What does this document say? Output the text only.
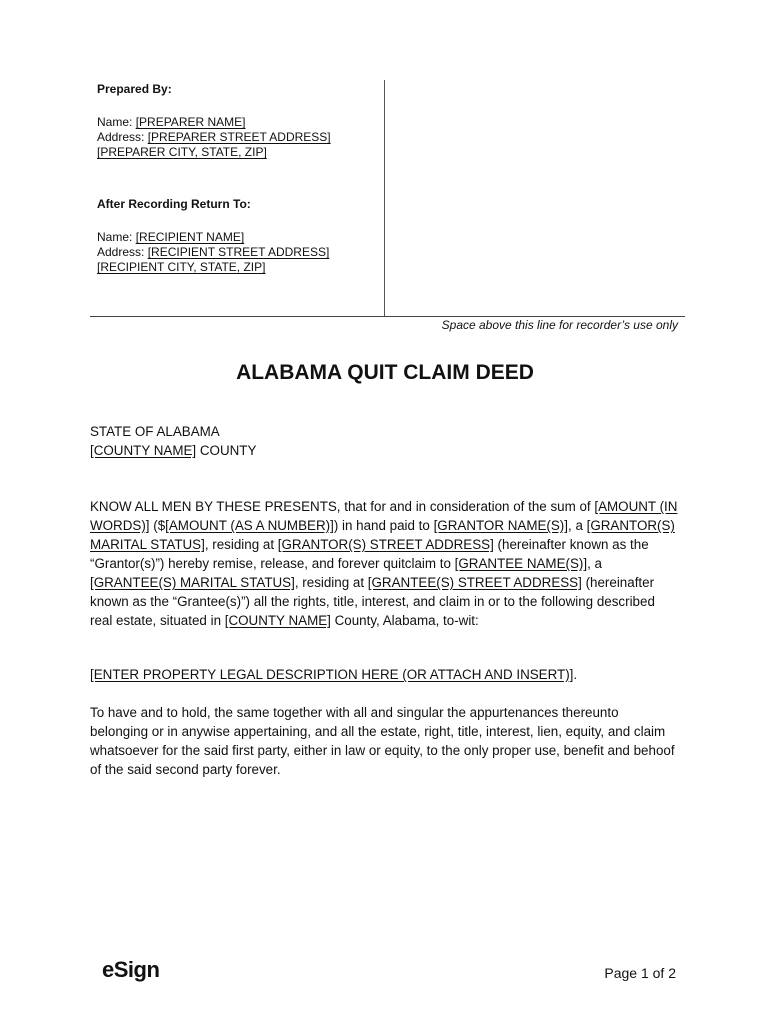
Prepared By:
Name: [PREPARER NAME]
Address: [PREPARER STREET ADDRESS]
[PREPARER CITY, STATE, ZIP]
After Recording Return To:
Name: [RECIPIENT NAME]
Address: [RECIPIENT STREET ADDRESS]
[RECIPIENT CITY, STATE, ZIP]
Space above this line for recorder’s use only
ALABAMA QUIT CLAIM DEED
STATE OF ALABAMA
[COUNTY NAME] COUNTY
KNOW ALL MEN BY THESE PRESENTS, that for and in consideration of the sum of [AMOUNT (IN WORDS)] ($[AMOUNT (AS A NUMBER)]) in hand paid to [GRANTOR NAME(S)], a [GRANTOR(S) MARITAL STATUS], residing at [GRANTOR(S) STREET ADDRESS] (hereinafter known as the “Grantor(s)”) hereby remise, release, and forever quitclaim to [GRANTEE NAME(S)], a [GRANTEE(S) MARITAL STATUS], residing at [GRANTEE(S) STREET ADDRESS] (hereinafter known as the “Grantee(s)”) all the rights, title, interest, and claim in or to the following described real estate, situated in [COUNTY NAME] County, Alabama, to-wit:
[ENTER PROPERTY LEGAL DESCRIPTION HERE (OR ATTACH AND INSERT)].
To have and to hold, the same together with all and singular the appurtenances thereunto belonging or in anywise appertaining, and all the estate, right, title, interest, lien, equity, and claim whatsoever for the said first party, either in law or equity, to the only proper use, benefit and behoof of the said second party forever.
eSign	Page 1 of 2
